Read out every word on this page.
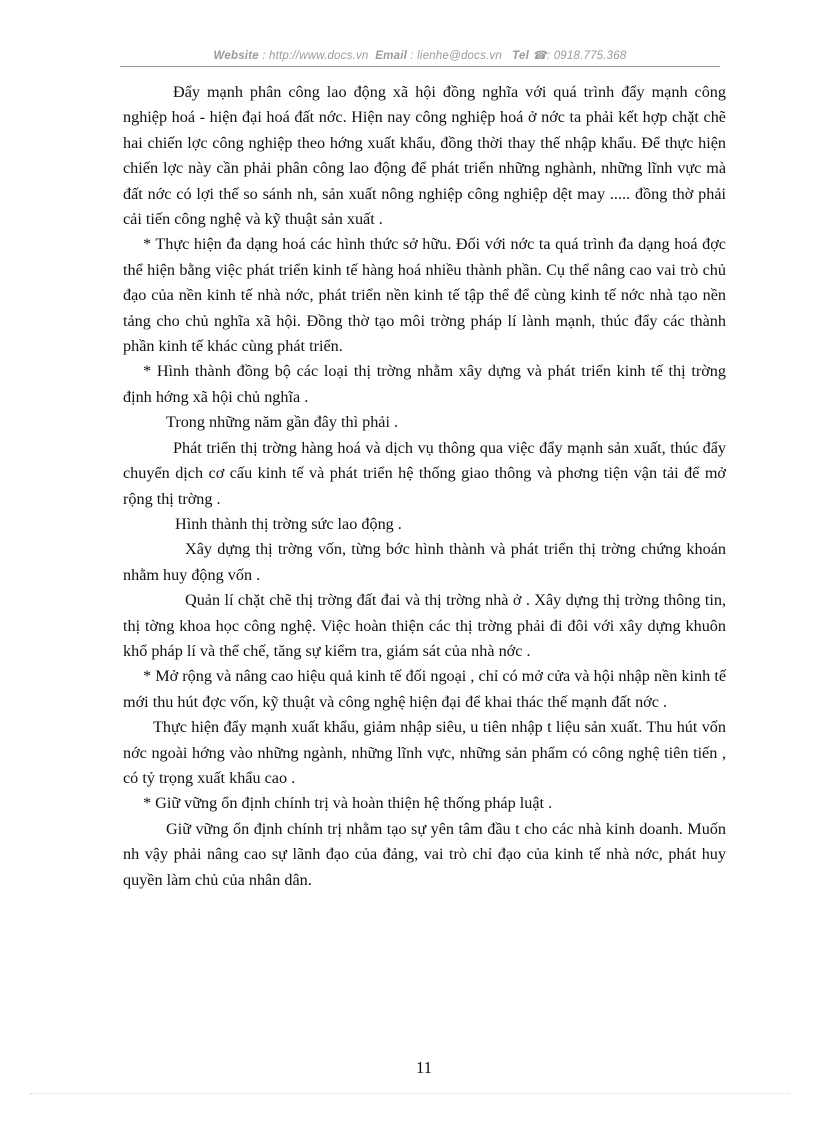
Website : http://www.docs.vn Email : lienhe@docs.vn Tel ☎: 0918.775.368

Đẩy mạnh phân công lao động xã hội đồng nghĩa với quá trình đẩy mạnh công nghiệp hoá - hiện đại hoá đất nớc. Hiện nay công nghiệp hoá ở nớc ta phải kết hợp chặt chẽ hai chiến lợc công nghiệp theo hớng xuất khẩu, đồng thời thay thế nhập khẩu. Để thực hiện chiến lợc này cần phải phân công lao động để phát triển những nghành, những lĩnh vực mà đất nớc có lợi thế so sánh nh, sản xuất nông nghiệp công nghiệp dệt may ..... đồng thờ phải cải tiến công nghệ và kỹ thuật sản xuất .

* Thực hiện đa dạng hoá các hình thức sở hữu. Đối với nớc ta quá trình đa dạng hoá đợc thể hiện bằng việc phát triển kinh tế hàng hoá nhiều thành phần. Cụ thể nâng cao vai trò chủ đạo của nền kinh tế nhà nớc, phát triển nền kinh tế tập thể để cùng kinh tế nớc nhà tạo nền tảng cho chủ nghĩa xã hội. Đồng thờ tạo môi trờng pháp lí lành mạnh, thúc đẩy các thành phần kinh tế khác cùng phát triển.

* Hình thành đồng bộ các loại thị trờng nhằm xây dựng và phát triển kinh tế thị trờng định hớng xã hội chủ nghĩa .

Trong những năm gần đây thì phải .

Phát triển thị trờng hàng hoá và dịch vụ thông qua việc đẩy mạnh sản xuất, thúc đẩy chuyển dịch cơ cấu kinh tế và phát triển hệ thống giao thông và phơng tiện vận tải để mở rộng thị trờng .

Hình thành thị trờng sức lao động .

Xây dựng thị trờng vốn, từng bớc hình thành và phát triển thị trờng chứng khoán nhằm huy động vốn .

Quản lí chặt chẽ thị trờng đất đai và thị trờng nhà ở . Xây dựng thị trờng thông tin, thị tờng khoa học công nghệ. Việc hoàn thiện các thị trờng phải đi đôi với xây dựng khuôn khổ pháp lí và thể chế, tăng sự kiểm tra, giám sát của nhà nớc .

* Mở rộng và nâng cao hiệu quả kinh tế đối ngoại , chỉ có mở cửa và hội nhập nền kinh tế mới thu hút đợc vốn, kỹ thuật và công nghệ hiện đại để khai thác thế mạnh đất nớc .

Thực hiện đẩy mạnh xuất khẩu, giảm nhập siêu, u tiên nhập t liệu sản xuất. Thu hút vốn nớc ngoài hớng vào những ngành, những lĩnh vực, những sản phẩm có công nghệ tiên tiến , có tỷ trọng xuất khẩu cao .

* Giữ vững ổn định chính trị và hoàn thiện hệ thống pháp luật .

Giữ vững ổn định chính trị nhằm tạo sự yên tâm đầu t cho các nhà kinh doanh. Muốn nh vậy phải nâng cao sự lãnh đạo của đảng, vai trò chỉ đạo của kinh tế nhà nớc, phát huy quyền làm chủ của nhân dân.

11
